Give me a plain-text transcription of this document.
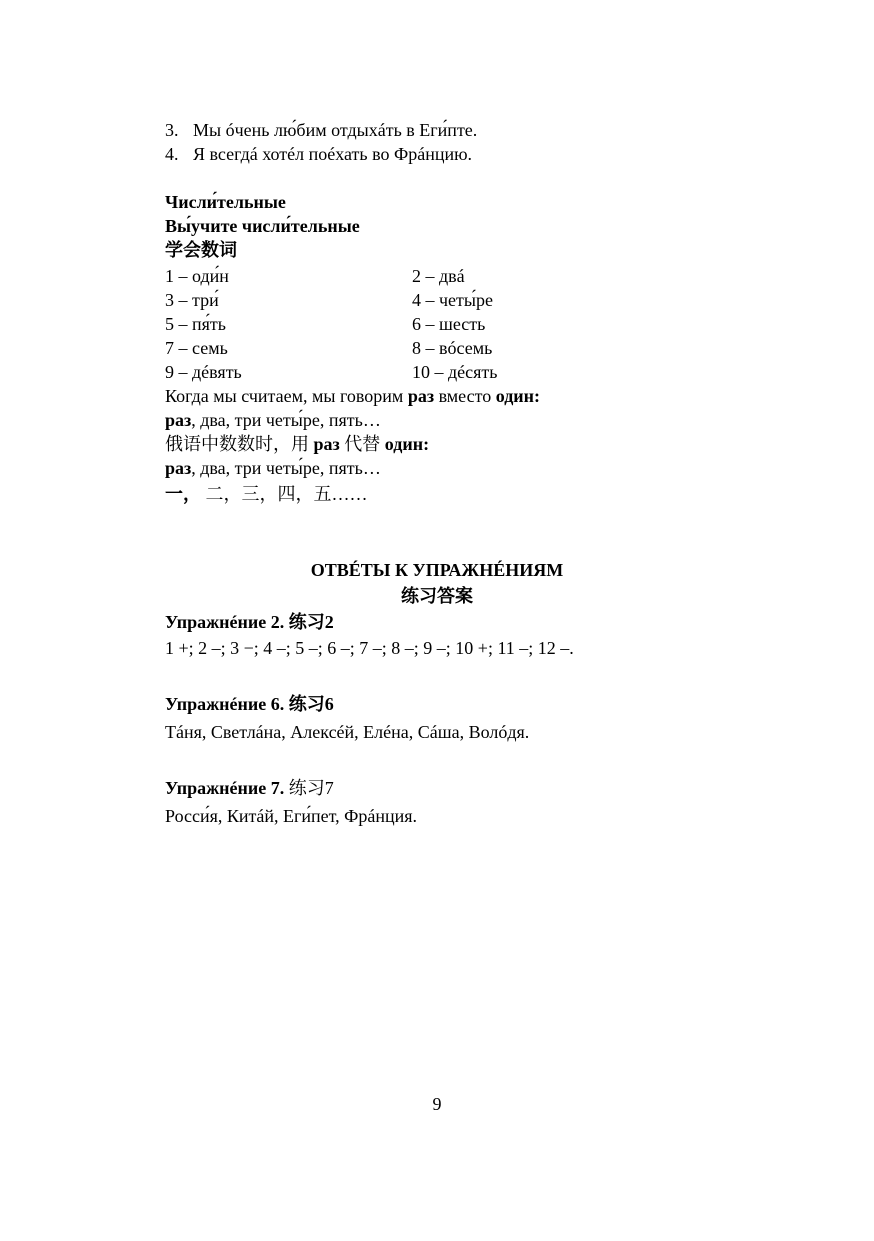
3. Мы óчень лю́бим отдыхáть в Еги́пте.
4. Я всегдá хотéл поéхать во Фрáнцию.
Числи́тельные
Вы́учите числи́тельные
学会数词
1 – оди́н	2 – двá
3 – три́	4 – четы́ре
5 – пя́ть	6 – шесть
7 – семь	8 – вóсемь
9 – дéвять	10 – дéсять
Когда мы считаем, мы говорим раз вместо один:
раз, два, три четы́ре, пять…
俄语中数数时，用 раз 代替 один:
раз, два, три четы́ре, пять…
一， 二，三，四，五……
ОТВÉТЫ К УПРАЖНÉНИЯМ
练习答案
Упражнéние 2. 练习2
1 +; 2 –; 3 −; 4 –; 5 –; 6 –; 7 –; 8 –; 9 –; 10 +; 11 –; 12 –.
Упражнéние 6. 练习6
Тáня, Светлáна, Алексéй, Елéна, Сáша, Волóдя.
Упражнéние 7. 练习7
Росси́я, Китáй, Еги́пет, Фрáнция.
9
